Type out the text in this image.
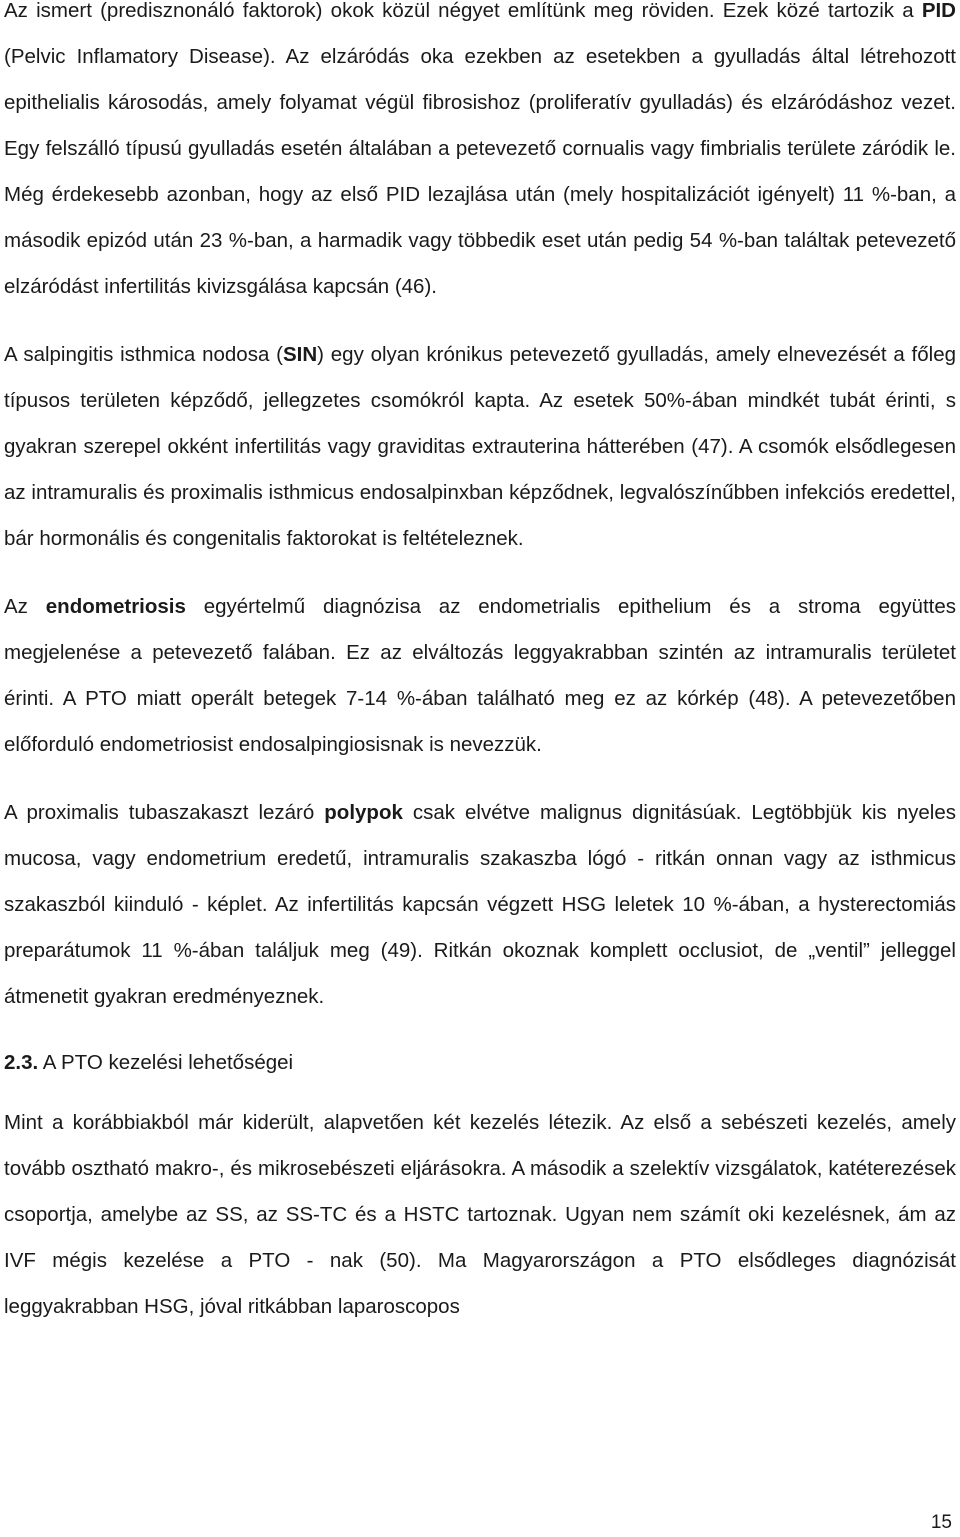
Az ismert (predisznonáló faktorok) okok közül négyet említünk meg röviden. Ezek közé tartozik a PID (Pelvic Inflamatory Disease). Az elzáródás oka ezekben az esetekben a gyulladás által létrehozott epithelialis károsodás, amely folyamat végül fibrosishoz (proliferatív gyulladás) és elzáródáshoz vezet. Egy felszálló típusú gyulladás esetén általában a petevezető cornualis vagy fimbrialis területe záródik le. Még érdekesebb azonban, hogy az első PID lezajlása után (mely hospitalizációt igényelt) 11 %-ban, a második epizód után 23 %-ban, a harmadik vagy többedik eset után pedig 54 %-ban találtak petevezető elzáródást infertilitás kivizsgálása kapcsán (46).

A salpingitis isthmica nodosa (SIN) egy olyan krónikus petevezető gyulladás, amely elnevezését a főleg típusos területen képződő, jellegzetes csomókról kapta. Az esetek 50%-ában mindkét tubát érinti, s gyakran szerepel okként infertilitás vagy graviditas extrauterina hátterében (47). A csomók elsődlegesen az intramuralis és proximalis isthmicus endosalpinxban képződnek, legvalószínűbben infekciós eredettel, bár hormonális és congenitalis faktorokat is feltételeznek.

Az endometriosis egyértelmű diagnózisa az endometrialis epithelium és a stroma együttes megjelenése a petevezető falában. Ez az elváltozás leggyakrabban szintén az intramuralis területet érinti. A PTO miatt operált betegek 7-14 %-ában található meg ez az kórkép (48). A petevezetőben előforduló endometriosist endosalpingiosisnak is nevezzük.

A proximalis tubaszakaszt lezáró polypok csak elvétve malignus dignitásúak. Legtöbbjük kis nyeles mucosa, vagy endometrium eredetű, intramuralis szakaszba lógó - ritkán onnan vagy az isthmicus szakaszból kiinduló - képlet. Az infertilitás kapcsán végzett HSG leletek 10 %-ában, a hysterectomiás preparátumok 11 %-ában találjuk meg (49). Ritkán okoznak komplett occlusiot, de „ventil” jelleggel átmenetit gyakran eredményeznek.

2.3. A PTO kezelési lehetőségei

Mint a korábbiakból már kiderült, alapvetően két kezelés létezik. Az első a sebészeti kezelés, amely tovább osztható makro-, és mikrosebészeti eljárásokra. A második a szelektív vizsgálatok, katéterezések csoportja, amelybe az SS, az SS-TC és a HSTC tartoznak. Ugyan nem számít oki kezelésnek, ám az IVF mégis kezelése a PTO - nak (50). Ma Magyarországon a PTO elsődleges diagnózisát leggyakrabban HSG, jóval ritkábban laparoscopos

15
